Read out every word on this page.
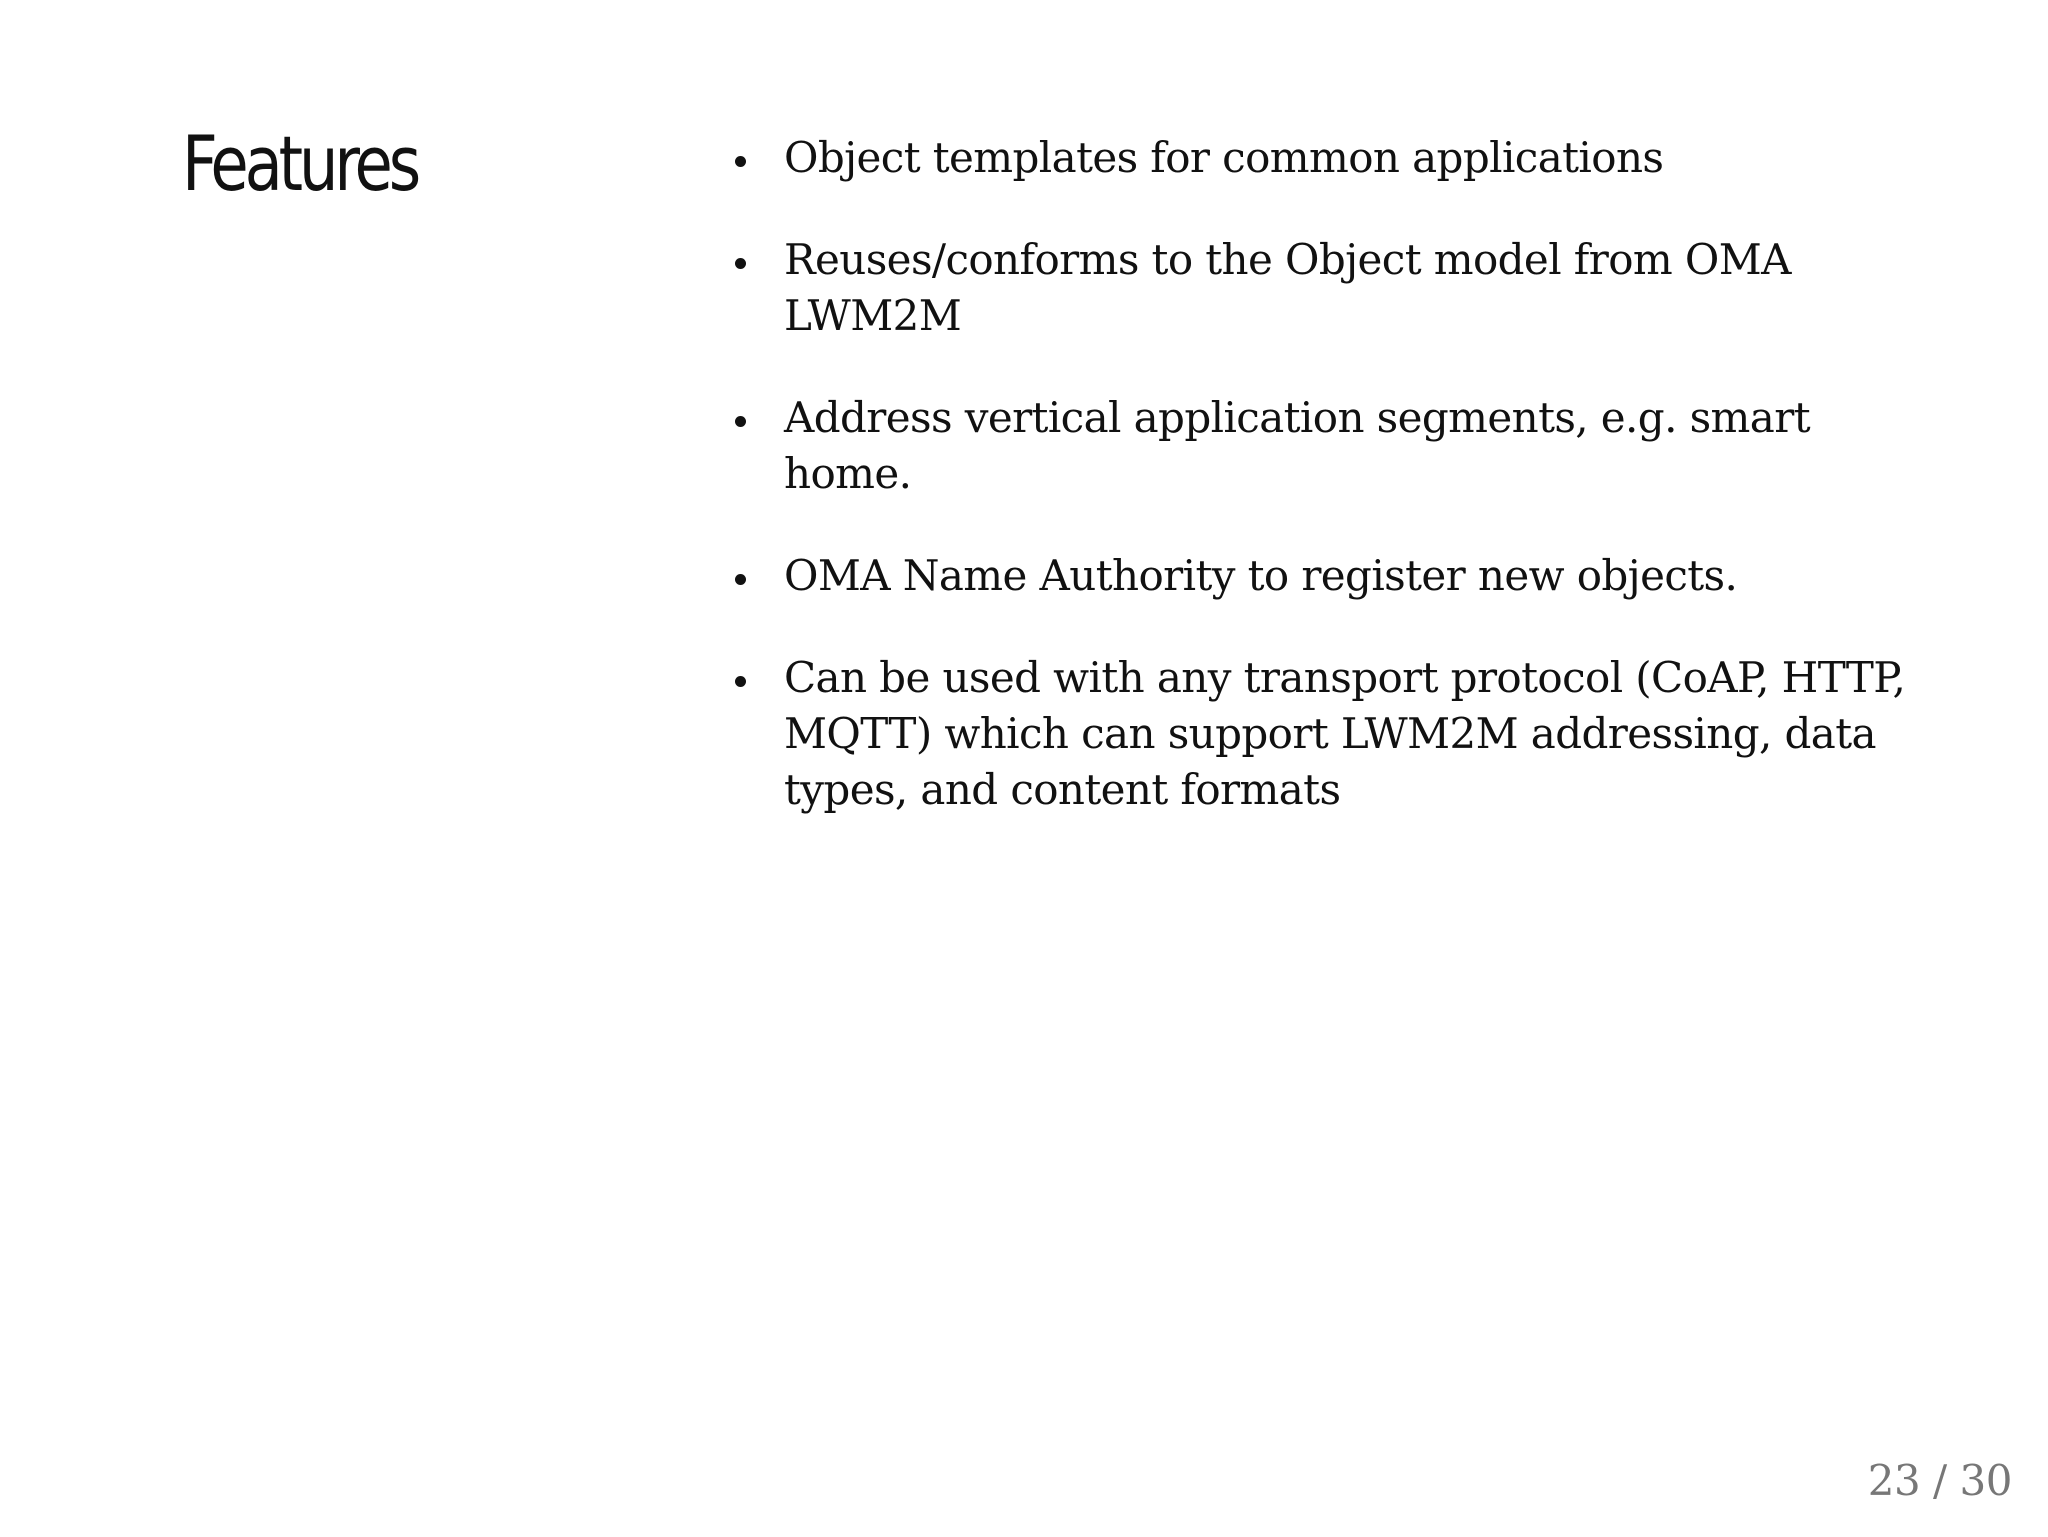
Features	Object templates for common applications
Reuses/conforms to the Object model from OMA LWM2M
Address vertical application segments, e.g. smart home.
OMA Name Authority to register new objects.
Can be used with any transport protocol (CoAP, HTTP, MQTT) which can support LWM2M addressing, data types, and content formats
23 / 30
